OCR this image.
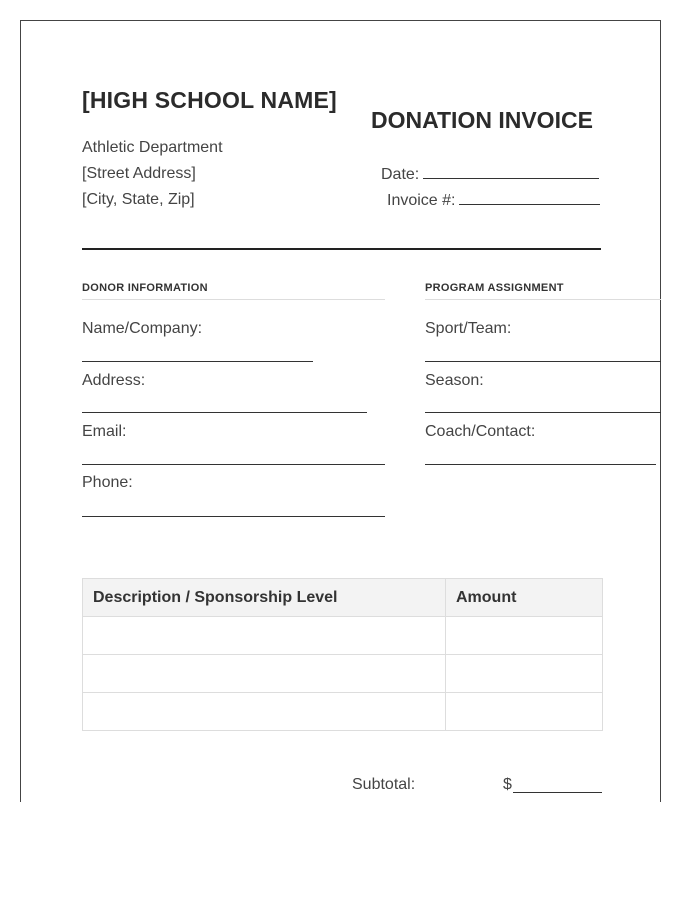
[HIGH SCHOOL NAME]
Athletic Department
[Street Address]
[City, State, Zip]
DONATION INVOICE
Date:
Invoice #:
DONOR INFORMATION
Name/Company:
Address:
Email:
Phone:
PROGRAM ASSIGNMENT
Sport/Team:
Season:
Coach/Contact:
Description / Sponsorship Level	Amount

Subtotal:	$
